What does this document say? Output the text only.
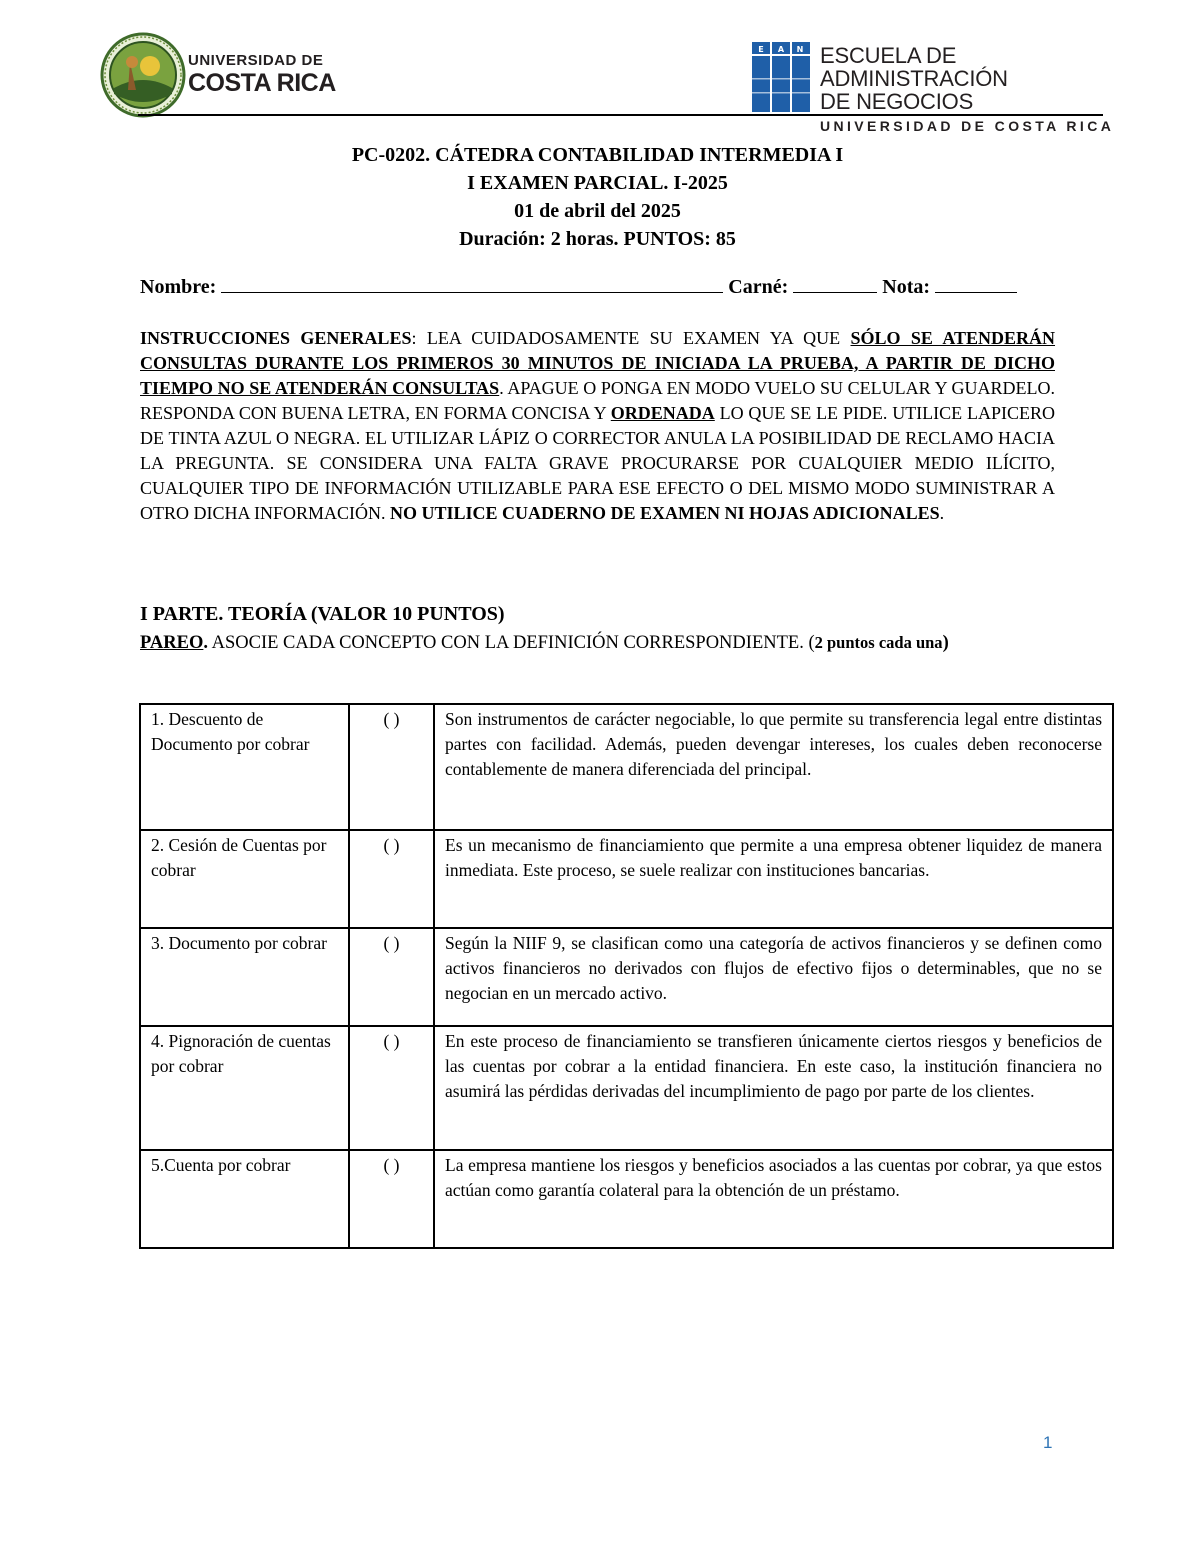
UNIVERSIDAD DE
COSTA RICA
E A N ESCUELA DE ADMINISTRACIÓN
DE NEGOCIOS
UNIVERSIDAD DE COSTA RICA
PC-0202. CÁTEDRA CONTABILIDAD INTERMEDIA I
I EXAMEN PARCIAL. I-2025
01 de abril del 2025
Duración: 2 horas. PUNTOS: 85
Nombre:	Carné:	Nota:
INSTRUCCIONES GENERALES: LEA CUIDADOSAMENTE SU EXAMEN YA QUE SÓLO SE ATENDERÁN CONSULTAS DURANTE LOS PRIMEROS 30 MINUTOS DE INICIADA LA PRUEBA, A PARTIR DE DICHO TIEMPO NO SE ATENDERÁN CONSULTAS. APAGUE O PONGA EN MODO VUELO SU CELULAR Y GUARDELO. RESPONDA CON BUENA LETRA, EN FORMA CONCISA Y ORDENADA LO QUE SE LE PIDE. UTILICE LAPICERO DE TINTA AZUL O NEGRA. EL UTILIZAR LÁPIZ O CORRECTOR ANULA LA POSIBILIDAD DE RECLAMO HACIA LA PREGUNTA. SE CONSIDERA UNA FALTA GRAVE PROCURARSE POR CUALQUIER MEDIO ILÍCITO, CUALQUIER TIPO DE INFORMACIÓN UTILIZABLE PARA ESE EFECTO O DEL MISMO MODO SUMINISTRAR A OTRO DICHA INFORMACIÓN. NO UTILICE CUADERNO DE EXAMEN NI HOJAS ADICIONALES.
I PARTE. TEORÍA (VALOR 10 PUNTOS)
PAREO. ASOCIE CADA CONCEPTO CON LA DEFINICIÓN CORRESPONDIENTE. (2 puntos cada una)
1. Descuento de Documento por cobrar	( )	Son instrumentos de carácter negociable, lo que permite su transferencia legal entre distintas partes con facilidad. Además, pueden devengar intereses, los cuales deben reconocerse contablemente de manera diferenciada del principal.
2. Cesión de Cuentas por cobrar	( )	Es un mecanismo de financiamiento que permite a una empresa obtener liquidez de manera inmediata. Este proceso, se suele realizar con instituciones bancarias.
3. Documento por cobrar	( )	Según la NIIF 9, se clasifican como una categoría de activos financieros y se definen como activos financieros no derivados con flujos de efectivo fijos o determinables, que no se negocian en un mercado activo.
4. Pignoración de cuentas por cobrar	( )	En este proceso de financiamiento se transfieren únicamente ciertos riesgos y beneficios de las cuentas por cobrar a la entidad financiera. En este caso, la institución financiera no asumirá las pérdidas derivadas del incumplimiento de pago por parte de los clientes.
5.Cuenta por cobrar	( )	La empresa mantiene los riesgos y beneficios asociados a las cuentas por cobrar, ya que estos actúan como garantía colateral para la obtención de un préstamo.
1
